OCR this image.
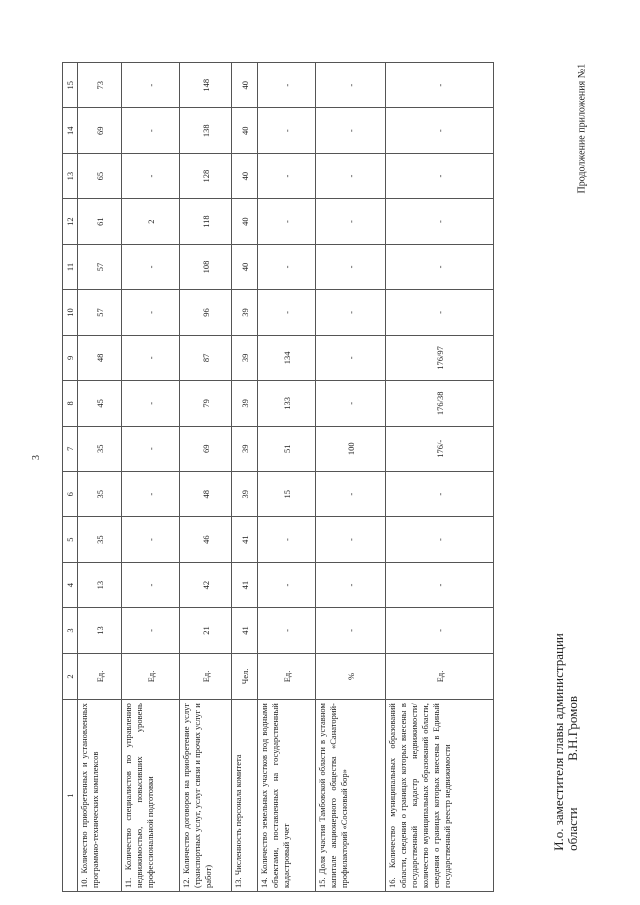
3
Продолжение приложения №1
И.о. заместителя главы администрации области  В.Н.Громов
1	2	3	4	5	6	7	8	9	10	11	12	13	14	15
10. Количество приобретенных и установленных программно-технических комплексов	Ед.	13	13	35	35	35	45	48	57	57	61	65	69	73
11. Количество специалистов по управлению недвижимостью, повысивших уровень профессиональной подготовки	Ед.	-	-	-	-	-	-	-	-	-	2	-	-	-
12. Количество договоров на приобретение услуг (транспортных услуг, услуг связи и прочих услуг и работ)	Ед.	21	42	46	48	69	79	87	96	108	118	128	138	148
13. Численность персонала комитета	Чел.	41	41	41	39	39	39	39	39	40	40	40	40	40
14. Количество земельных участков под водными объектами, поставленных на государственный кадастровый учет	Ед.	-	-	-	15	51	133	134	-	-	-	-	-	-
15. Доля участия Тамбовской области в уставном капитале акционерного общества «Санаторий-профилакторий «Сосновый бор»	%	-	-	-	-	100	-	-	-	-	-	-	-	-
16. Количество муниципальных образований области, сведения о границах которых внесены в государственный кадастр недвижимости/количество муниципальных образований области, сведения о границах которых внесены в Единый государственный реестр недвижимости	Ед.	-	-	-	-	176/-	176/38	176/97	-	-	-	-	-	-
